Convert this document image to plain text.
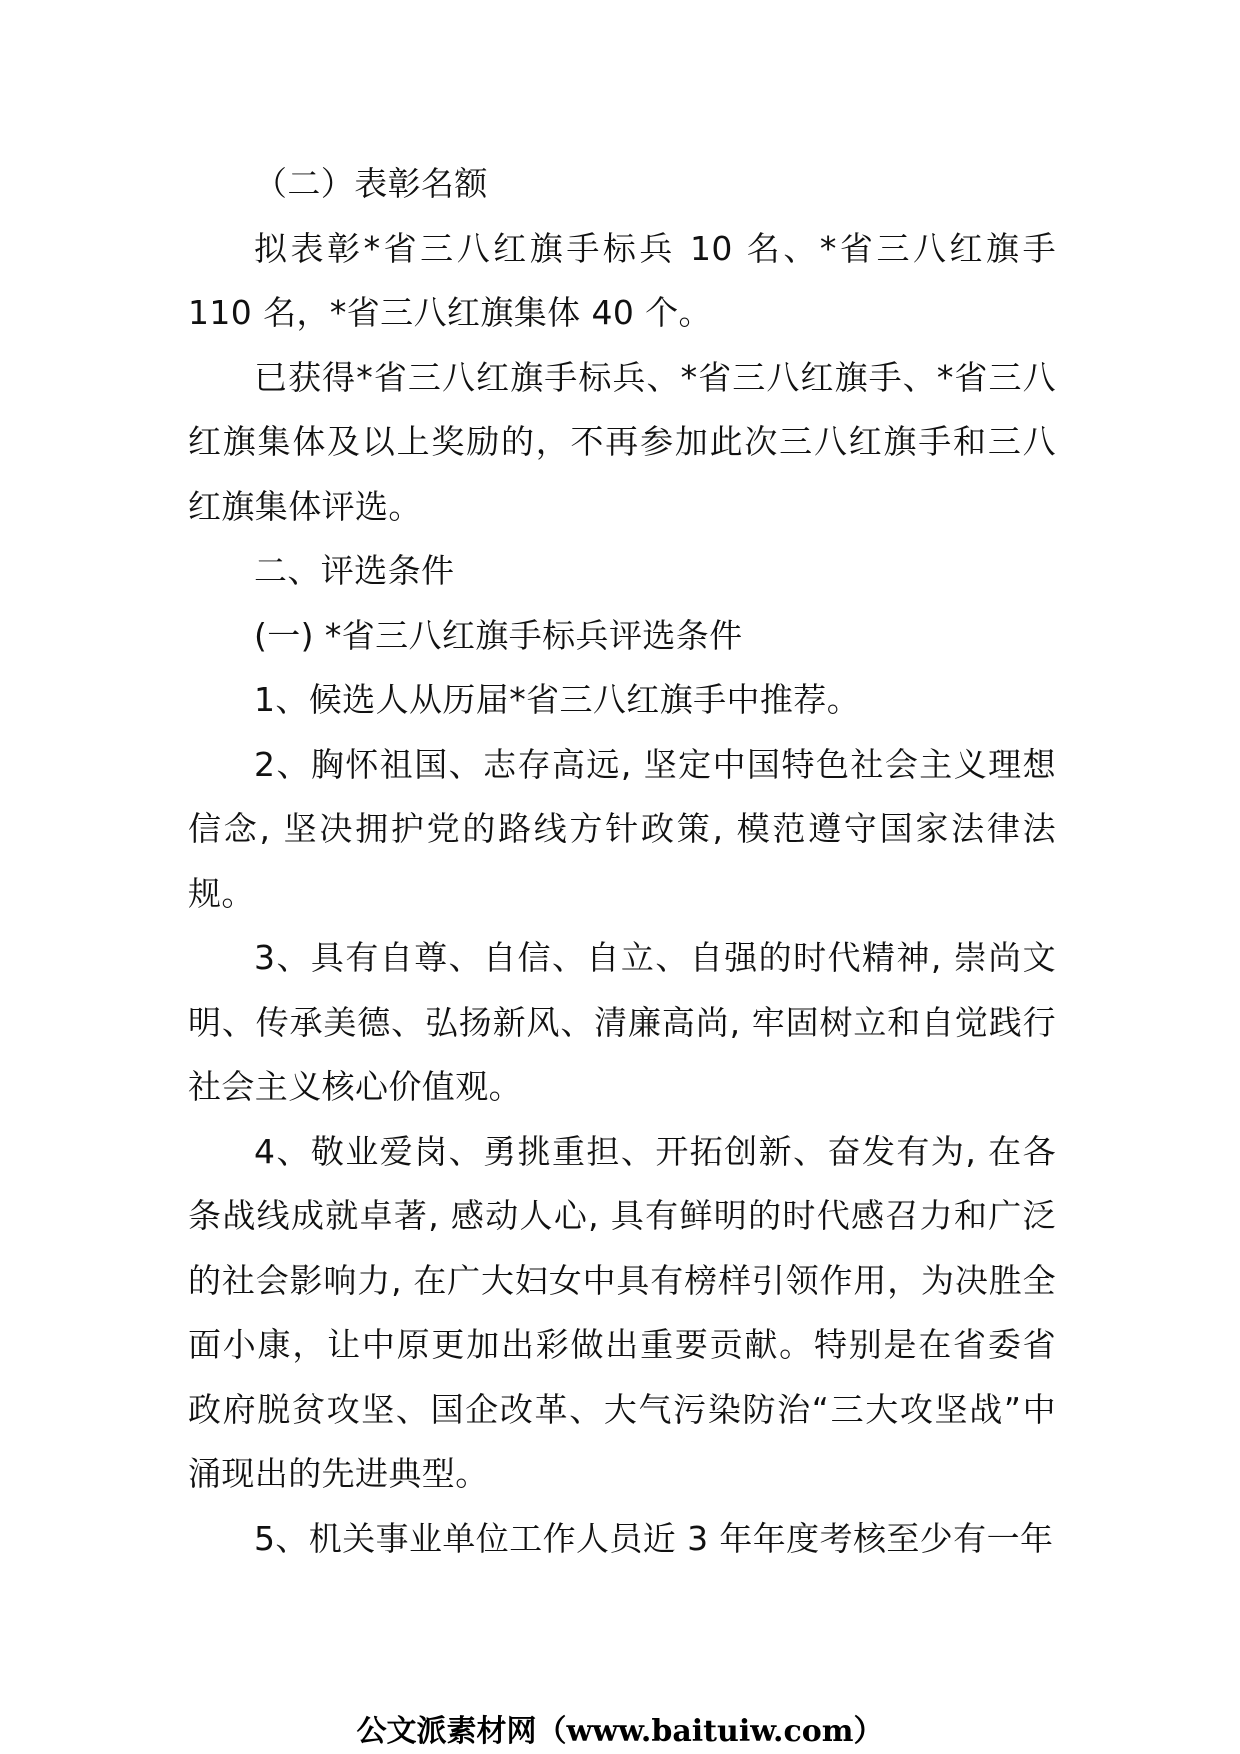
（二）表彰名额

拟表彰*省三八红旗手标兵 10 名、*省三八红旗手 110 名，*省三八红旗集体 40 个。

已获得*省三八红旗手标兵、*省三八红旗手、*省三八 红旗集体及以上奖励的，不再参加此次三八红旗手和三八红旗集体评选。

二、评选条件

(一) *省三八红旗手标兵评选条件

1、候选人从历届*省三八红旗手中推荐。

2、胸怀祖国、志存高远, 坚定中国特色社会主义理想信念, 坚决拥护党的路线方针政策, 模范遵守国家法律法规。

3、具有自尊、自信、自立、自强的时代精神, 崇尚文明、传承美德、弘扬新风、清廉高尚, 牢固树立和自觉践行社会主义核心价值观。

4、敬业爱岗、勇挑重担、开拓创新、奋发有为, 在各条战线成就卓著, 感动人心, 具有鲜明的时代感召力和广泛的社会影响力, 在广大妇女中具有榜样引领作用，为决胜全面小康，让中原更加出彩做出重要贡献。特别是在省委省 政府脱贫攻坚、国企改革、大气污染防治“三大攻坚战”中 涌现出的先进典型。

5、机关事业单位工作人员近 3 年年度考核至少有一年

公文派素材网（www.baituiw.com）
